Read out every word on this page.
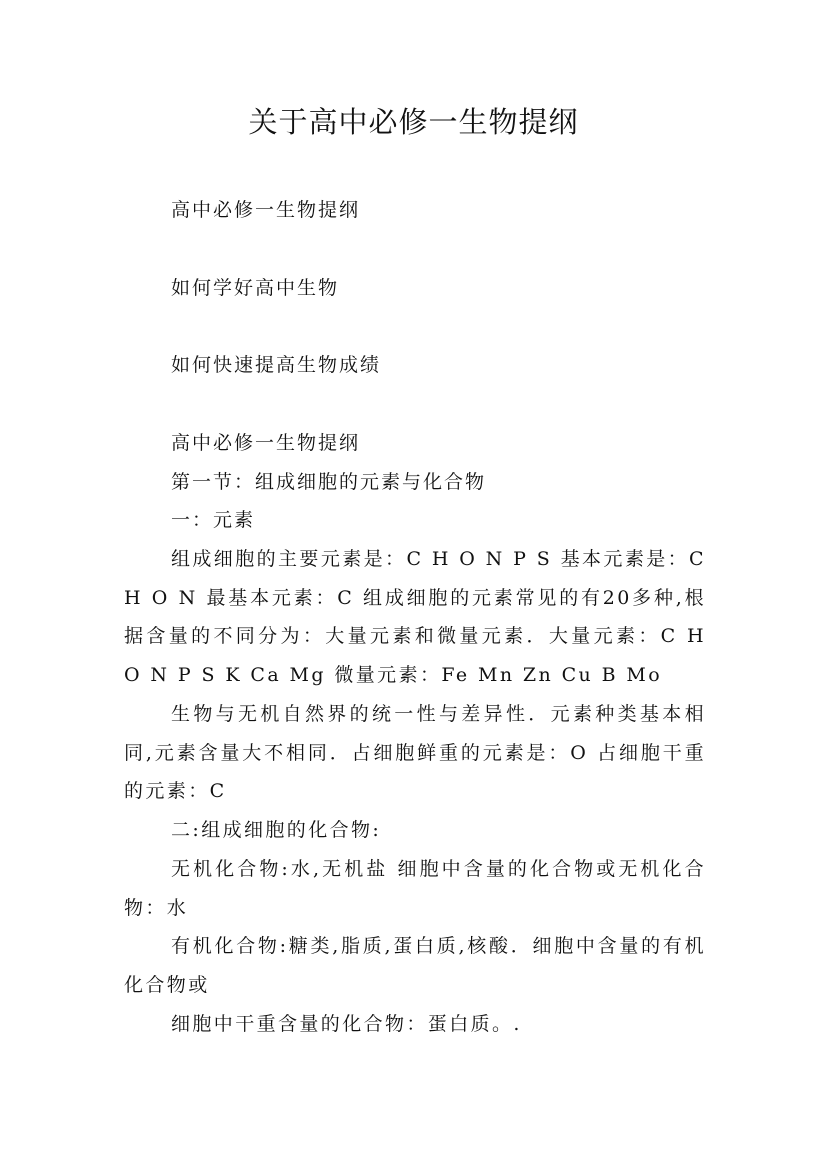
关于高中必修一生物提纲

高中必修一生物提纲

如何学好高中生物

如何快速提高生物成绩

高中必修一生物提纲

第一节：组成细胞的元素与化合物

一：元素

组成细胞的主要元素是：C H O N P S 基本元素是：C H O N 最基本元素：C 组成细胞的元素常见的有20多种,根据含量的不同分为：大量元素和微量元素．大量元素：C H O N P S K Ca Mg 微量元素：Fe Mn Zn Cu B Mo

生物与无机自然界的统一性与差异性．元素种类基本相同,元素含量大不相同．占细胞鲜重的元素是：O 占细胞干重的元素：C

二:组成细胞的化合物:

无机化合物:水,无机盐 细胞中含量的化合物或无机化合物：水

有机化合物:糖类,脂质,蛋白质,核酸．细胞中含量的有机化合物或

细胞中干重含量的化合物：蛋白质。.
